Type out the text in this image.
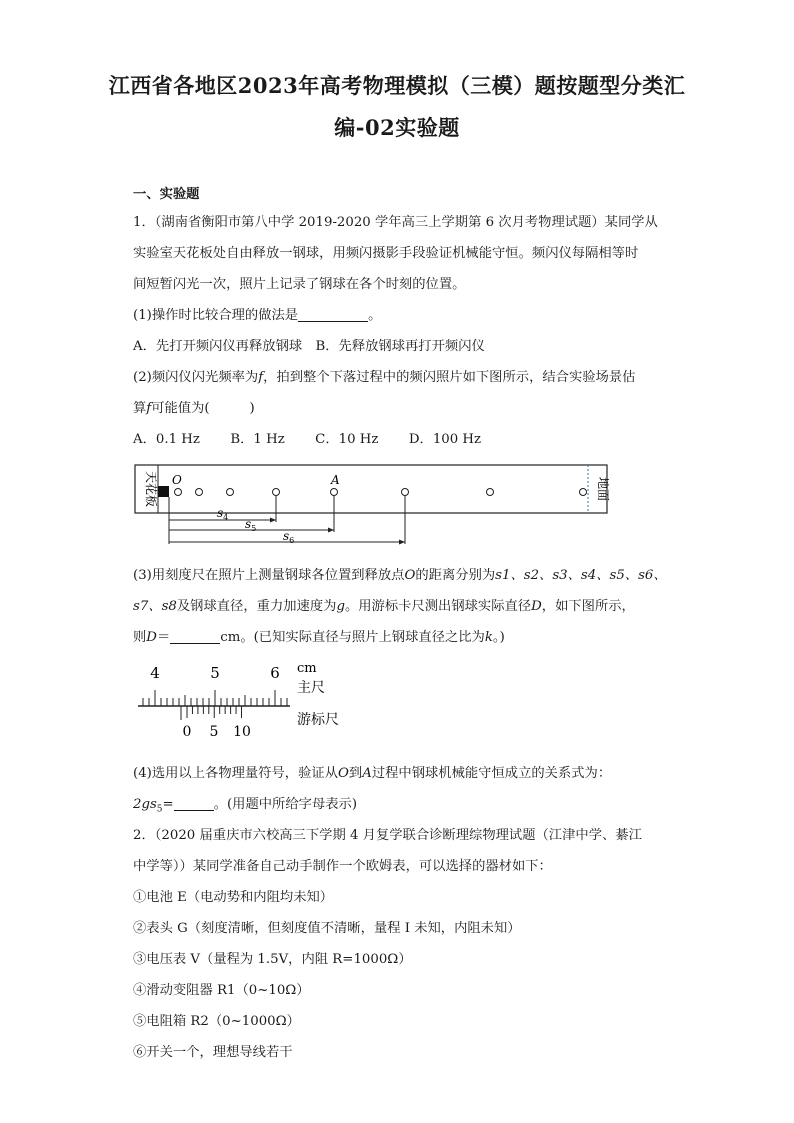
江西省各地区2023年高考物理模拟（三模）题按题型分类汇
编-02实验题
一、实验题
1．（湖南省衡阳市第八中学 2019-2020 学年高三上学期第 6 次月考物理试题）某同学从
实验室天花板处自由释放一钢球，用频闪摄影手段验证机械能守恒。频闪仪每隔相等时
间短暂闪光一次，照片上记录了钢球在各个时刻的位置。
(1)操作时比较合理的做法是	。
A．先打开频闪仪再释放钢球　B．先释放钢球再打开频闪仪
(2)频闪仪闪光频率为f，拍到整个下落过程中的频闪照片如下图所示，结合实验场景估
算f可能值为(　　　)
A．0.1 Hz B．1 Hz C．10 Hz D．100 Hz
天花板	地面
O	A
$s_4$ $s_5$
$s_6$
(3)用刻度尺在照片上测量钢球各位置到释放点O的距离分别为s1、s2、s3、s4、s5、s6、
s7、s8及钢球直径，重力加速度为g。用游标卡尺测出钢球实际直径D，如下图所示，
则D＝	cm。(已知实际直径与照片上钢球直径之比为k。)
4	5	6 cm
主尺
0 5 10
游标尺
(4)选用以上各物理量符号，验证从O到A过程中钢球机械能守恒成立的关系式为：
$2gs_5=$	。(用题中所给字母表示)
2．（2020 届重庆市六校高三下学期 4 月复学联合诊断理综物理试题（江津中学、綦江
中学等））某同学准备自己动手制作一个欧姆表，可以选择的器材如下：
①电池 E（电动势和内阻均未知）
②表头 G（刻度清晰，但刻度值不清晰，量程 I 未知，内阻未知）
③电压表 V（量程为 1.5V，内阻 R=1000Ω）
④滑动变阻器 R1（0~10Ω）
⑤电阻箱 R2（0~1000Ω）
⑥开关一个，理想导线若干
